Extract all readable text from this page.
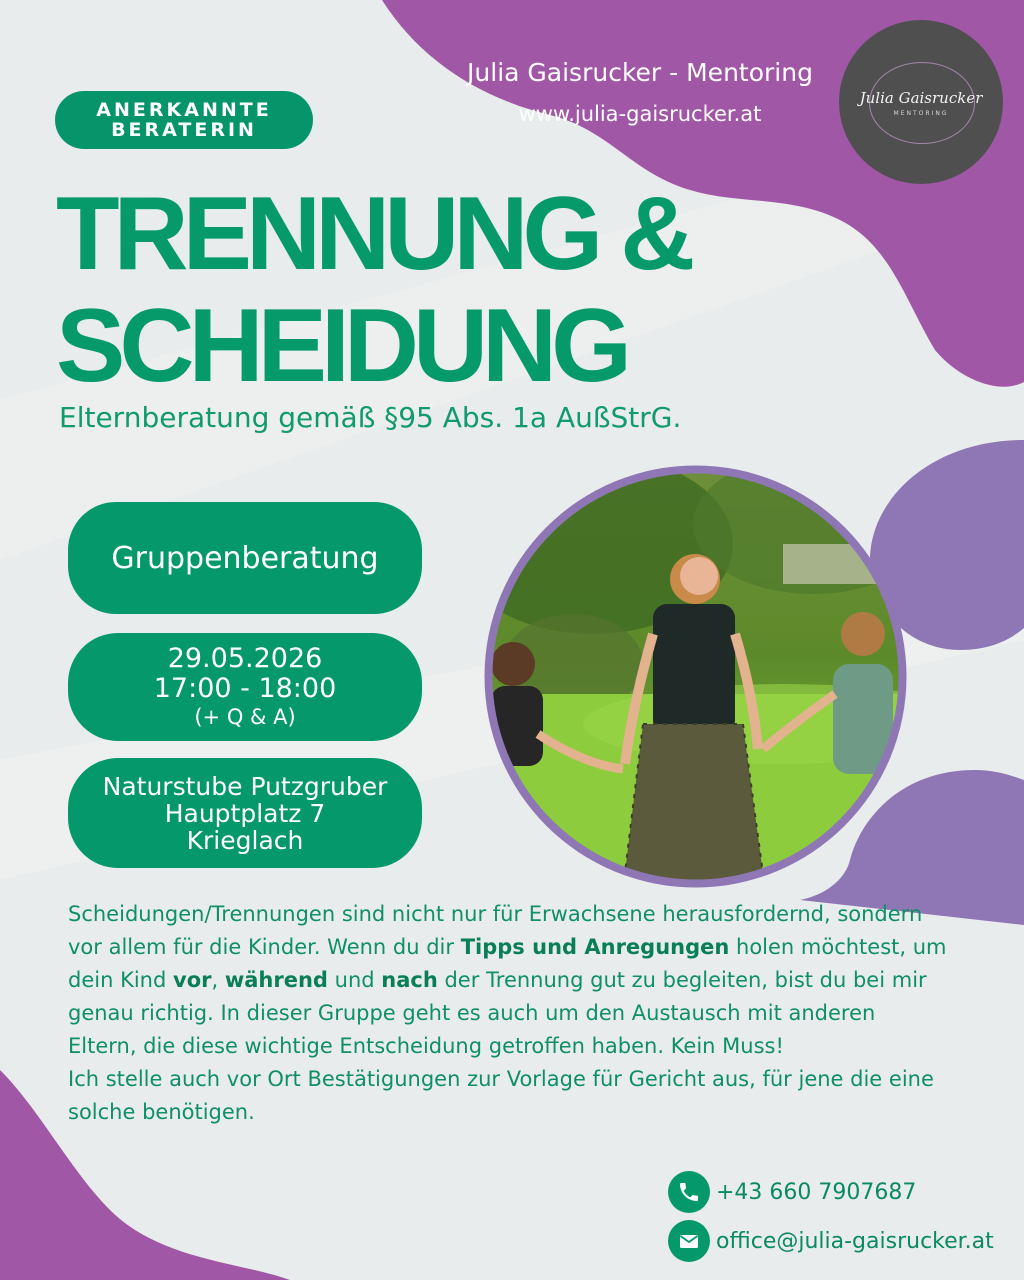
Julia Gaisrucker - Mentoring
www.julia-gaisrucker.at
Julia Gaisrucker
MENTORING
ANERKANNTE
BERATERIN
TRENNUNG &
SCHEIDUNG
Elternberatung gemäß §95 Abs. 1a AußStrG.
Gruppenberatung
29.05.2026
17:00 - 18:00
(+ Q & A)
Naturstube Putzgruber
Hauptplatz 7
Krieglach
Scheidungen/Trennungen sind nicht nur für Erwachsene herausfordernd, sondern vor allem für die Kinder. Wenn du dir Tipps und Anregungen holen möchtest, um dein Kind vor, während und nach der Trennung gut zu begleiten, bist du bei mir genau richtig. In dieser Gruppe geht es auch um den Austausch mit anderen Eltern, die diese wichtige Entscheidung getroffen haben. Kein Muss!
Ich stelle auch vor Ort Bestätigungen zur Vorlage für Gericht aus, für jene die eine solche benötigen.
+43 660 7907687
office@julia-gaisrucker.at
